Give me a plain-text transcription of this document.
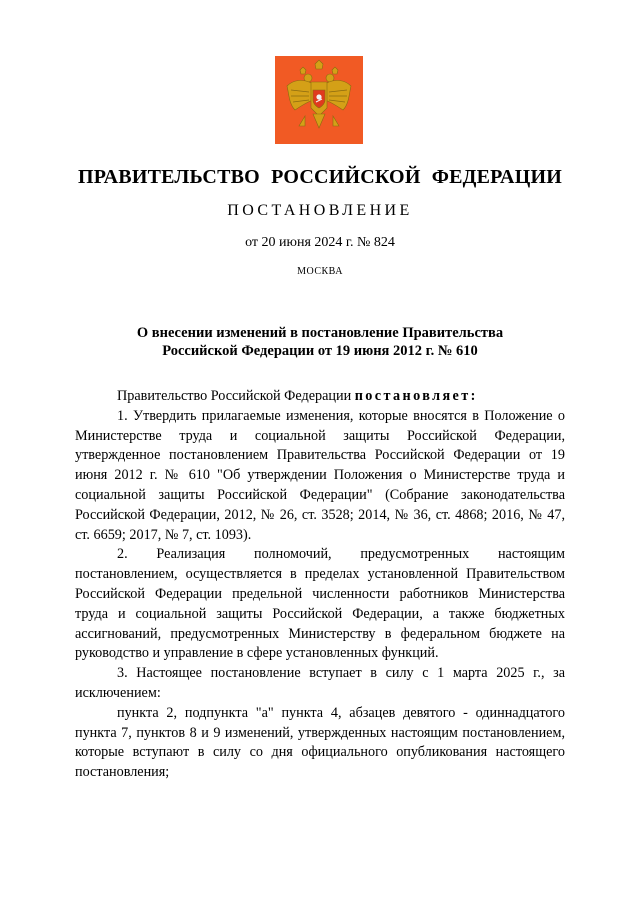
ПРАВИТЕЛЬСТВО РОССИЙСКОЙ ФЕДЕРАЦИИ
ПОСТАНОВЛЕНИЕ
от 20 июня 2024 г. № 824
МОСКВА
О внесении изменений в постановление Правительства
Российской Федерации от 19 июня 2012 г. № 610

Правительство Российской Федерации постановляет:

1. Утвердить прилагаемые изменения, которые вносятся в Положение о Министерстве труда и социальной защиты Российской Федерации, утвержденное постановлением Правительства Российской Федерации от 19 июня 2012 г. № 610 "Об утверждении Положения о Министерстве труда и социальной защиты Российской Федерации" (Собрание законодательства Российской Федерации, 2012, № 26, ст. 3528; 2014, № 36, ст. 4868; 2016, № 47, ст. 6659; 2017, № 7, ст. 1093).

2. Реализация полномочий, предусмотренных настоящим постановлением, осуществляется в пределах установленной Правительством Российской Федерации предельной численности работников Министерства труда и социальной защиты Российской Федерации, а также бюджетных ассигнований, предусмотренных Министерству в федеральном бюджете на руководство и управление в сфере установленных функций.

3. Настоящее постановление вступает в силу с 1 марта 2025 г., за исключением:

пункта 2, подпункта "а" пункта 4, абзацев девятого - одиннадцатого пункта 7, пунктов 8 и 9 изменений, утвержденных настоящим постановлением, которые вступают в силу со дня официального опубликования настоящего постановления;
